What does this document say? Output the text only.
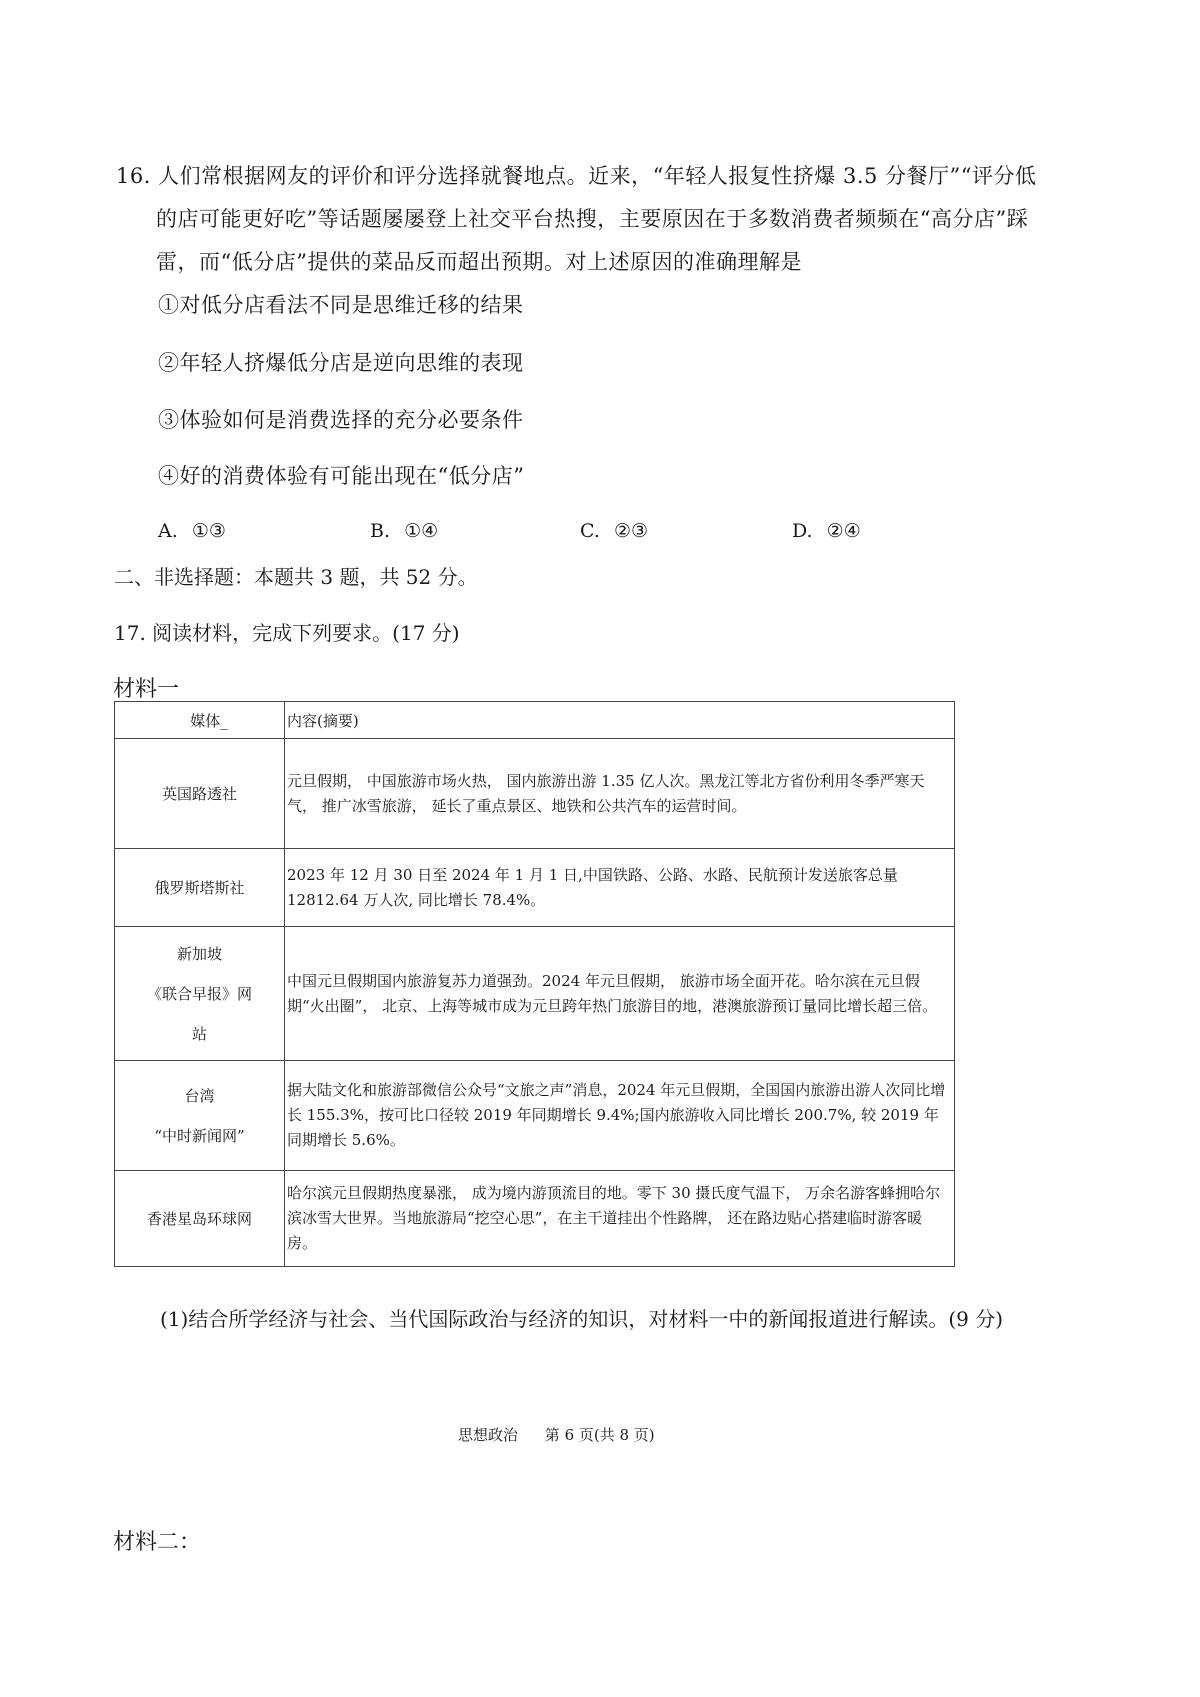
16. 人们常根据网友的评价和评分选择就餐地点。近来，“年轻人报复性挤爆 3.5 分餐厅”“评分低
的店可能更好吃”等话题屡屡登上社交平台热搜，主要原因在于多数消费者频频在“高分店”踩
雷，而“低分店”提供的菜品反而超出预期。对上述原因的准确理解是
①对低分店看法不同是思维迁移的结果
②年轻人挤爆低分店是逆向思维的表现
③体验如何是消费选择的充分必要条件
④好的消费体验有可能出现在“低分店”
A. ①③	B. ①④	C. ②③	D. ②④
二、非选择题：本题共 3 题，共 52 分。
17. 阅读材料，完成下列要求。(17 分)
材料一
媒体_	内容(摘要)

英国路透社	元旦假期， 中国旅游市场火热， 国内旅游出游 1.35 亿人次。黑龙江等北方省份利用冬季严寒天气， 推广冰雪旅游， 延长了重点景区、地铁和公共汽车的运营时间。

俄罗斯塔斯社	2023 年 12 月 30 日至 2024 年 1 月 1 日,中国铁路、公路、水路、民航预计发送旅客总量 12812.64 万人次, 同比增长 78.4%。

新加坡
《联合早报》网
站	中国元旦假期国内旅游复苏力道强劲。2024 年元旦假期， 旅游市场全面开花。哈尔滨在元旦假期“火出圈”， 北京、上海等城市成为元旦跨年热门旅游目的地，港澳旅游预订量同比增长超三倍。

台湾
“中时新闻网”	据大陆文化和旅游部微信公众号“文旅之声”消息，2024 年元旦假期，全国国内旅游出游人次同比增长 155.3%，按可比口径较 2019 年同期增长 9.4%;国内旅游收入同比增长 200.7%, 较 2019 年同期增长 5.6%。

香港星岛环球网	哈尔滨元旦假期热度暴涨， 成为境内游顶流目的地。零下 30 摄氏度气温下， 万余名游客蜂拥哈尔滨冰雪大世界。当地旅游局“挖空心思”，在主干道挂出个性路牌， 还在路边贴心搭建临时游客暖房。
(1)结合所学经济与社会、当代国际政治与经济的知识，对材料一中的新闻报道进行解读。(9 分)
思想政治 第 6 页(共 8 页)
材料二：
